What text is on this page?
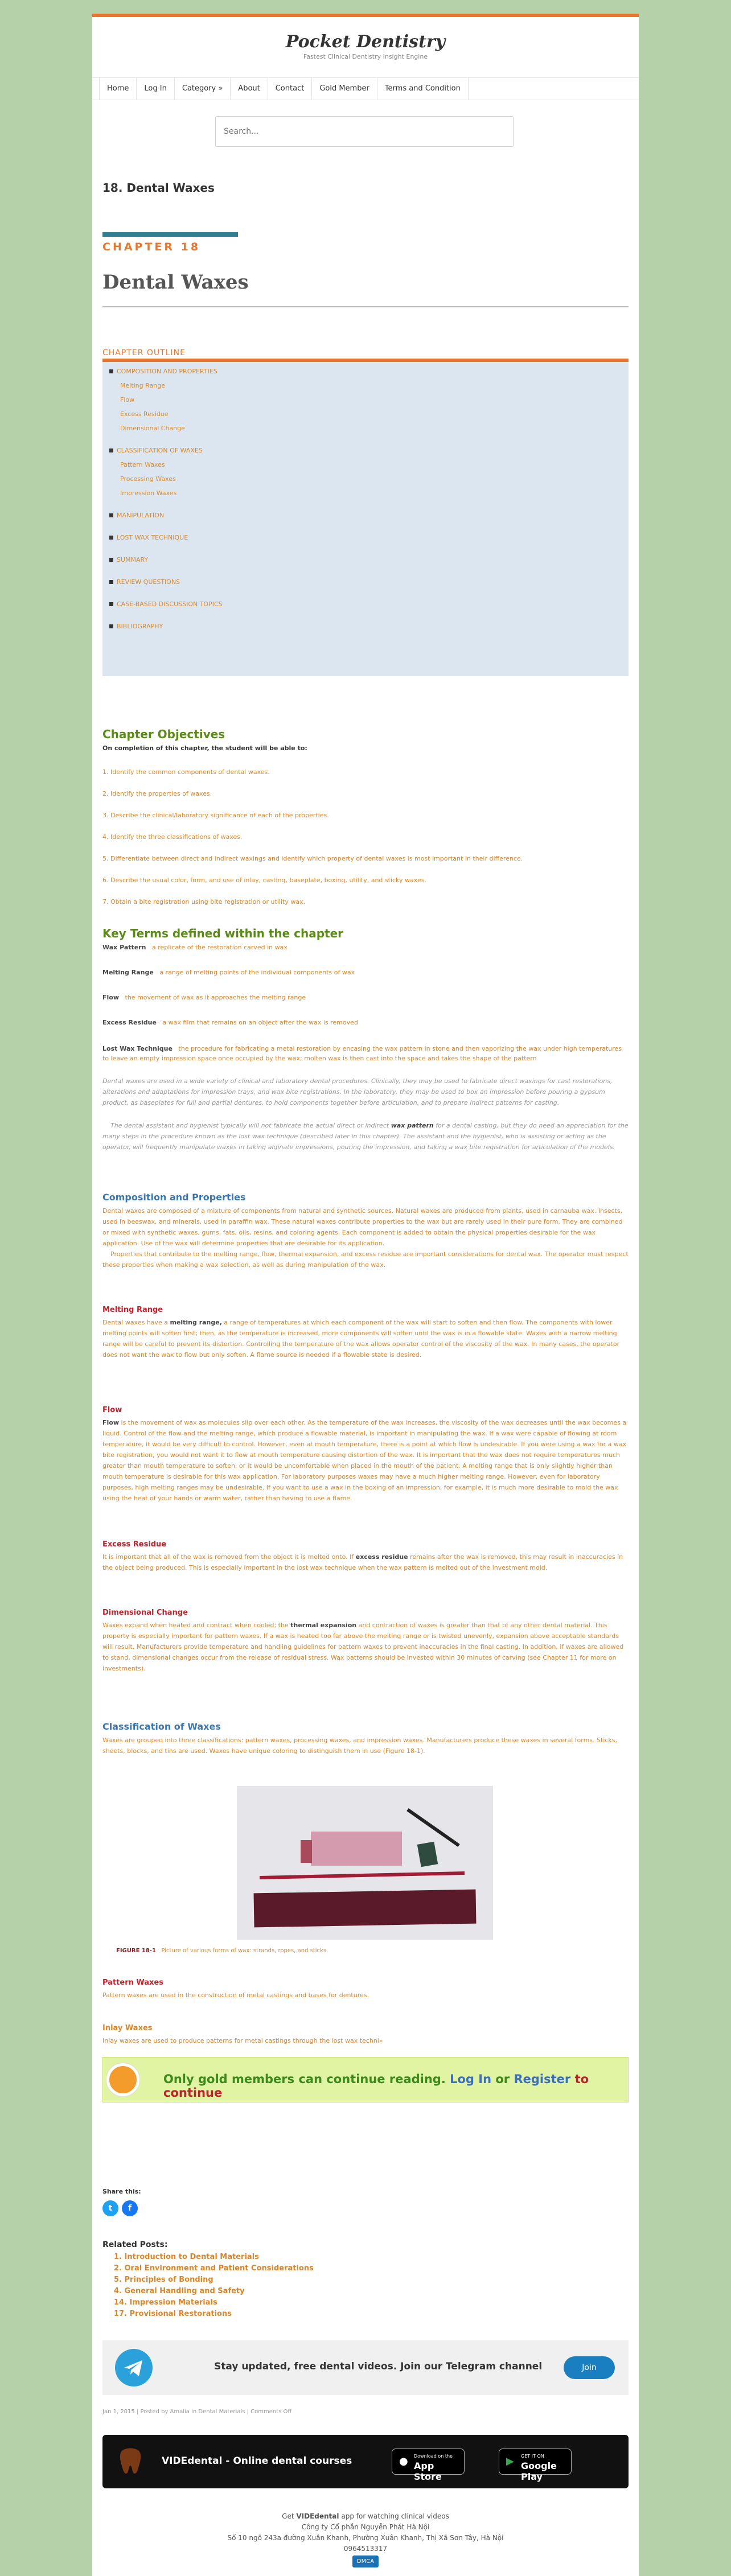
Pocket Dentistry
Fastest Clinical Dentistry Insight Engine
Home	Log In	Category »	About	Contact	Gold Member	Terms and Condition
Search...
18. Dental Waxes
CHAPTER 18
Dental Waxes
CHAPTER OUTLINE
COMPOSITION AND PROPERTIES
Melting Range
Flow
Excess Residue
Dimensional Change
CLASSIFICATION OF WAXES
Pattern Waxes
Processing Waxes
Impression Waxes
MANIPULATION
LOST WAX TECHNIQUE
SUMMARY
REVIEW QUESTIONS
CASE-BASED DISCUSSION TOPICS
BIBLIOGRAPHY
Chapter Objectives
On completion of this chapter, the student will be able to:
1. Identify the common components of dental waxes.
2. Identify the properties of waxes.
3. Describe the clinical/laboratory significance of each of the properties.
4. Identify the three classifications of waxes.
5. Differentiate between direct and indirect waxings and identify which property of dental waxes is most important in their difference.
6. Describe the usual color, form, and use of inlay, casting, baseplate, boxing, utility, and sticky waxes.
7. Obtain a bite registration using bite registration or utility wax.
Key Terms defined within the chapter
Wax Pattern a replicate of the restoration carved in wax
Melting Range a range of melting points of the individual components of wax
Flow the movement of wax as it approaches the melting range
Excess Residue a wax film that remains on an object after the wax is removed
Lost Wax Technique the procedure for fabricating a metal restoration by encasing the wax pattern in stone and then vaporizing the wax under high temperatures to leave an empty impression space once occupied by the wax; molten wax is then cast into the space and takes the shape of the pattern
Dental waxes are used in a wide variety of clinical and laboratory dental procedures. Clinically, they may be used to fabricate direct waxings for cast restorations, alterations and adaptations for impression trays, and wax bite registrations. In the laboratory, they may be used to box an impression before pouring a gypsum product, as baseplates for full and partial dentures, to hold components together before articulation, and to prepare indirect patterns for casting.
The dental assistant and hygienist typically will not fabricate the actual direct or indirect wax pattern for a dental casting, but they do need an appreciation for the many steps in the procedure known as the lost wax technique (described later in this chapter). The assistant and the hygienist, who is assisting or acting as the operator, will frequently manipulate waxes in taking alginate impressions, pouring the impression, and taking a wax bite registration for articulation of the models.
Composition and Properties
Dental waxes are composed of a mixture of components from natural and synthetic sources. Natural waxes are produced from plants, used in carnauba wax. Insects, used in beeswax, and minerals, used in paraffin wax. These natural waxes contribute properties to the wax but are rarely used in their pure form. They are combined or mixed with synthetic waxes, gums, fats, oils, resins, and coloring agents. Each component is added to obtain the physical properties desirable for the wax application. Use of the wax will determine properties that are desirable for its application.
Properties that contribute to the melting range, flow, thermal expansion, and excess residue are important considerations for dental wax. The operator must respect these properties when making a wax selection, as well as during manipulation of the wax.
Melting Range
Dental waxes have a melting range, a range of temperatures at which each component of the wax will start to soften and then flow. The components with lower melting points will soften first; then, as the temperature is increased, more components will soften until the wax is in a flowable state. Waxes with a narrow melting range will be careful to prevent its distortion. Controlling the temperature of the wax allows operator control of the viscosity of the wax. In many cases, the operator does not want the wax to flow but only soften. A flame source is needed if a flowable state is desired.
Flow
Flow is the movement of wax as molecules slip over each other. As the temperature of the wax increases, the viscosity of the wax decreases until the wax becomes a liquid. Control of the flow and the melting range, which produce a flowable material, is important in manipulating the wax. If a wax were capable of flowing at room temperature, it would be very difficult to control. However, even at mouth temperature, there is a point at which flow is undesirable. If you were using a wax for a wax bite registration, you would not want it to flow at mouth temperature causing distortion of the wax. It is important that the wax does not require temperatures much greater than mouth temperature to soften, or it would be uncomfortable when placed in the mouth of the patient. A melting range that is only slightly higher than mouth temperature is desirable for this wax application. For laboratory purposes waxes may have a much higher melting range. However, even for laboratory purposes, high melting ranges may be undesirable. If you want to use a wax in the boxing of an impression, for example, it is much more desirable to mold the wax using the heat of your hands or warm water, rather than having to use a flame.
Excess Residue
It is important that all of the wax is removed from the object it is melted onto. If excess residue remains after the wax is removed, this may result in inaccuracies in the object being produced. This is especially important in the lost wax technique when the wax pattern is melted out of the investment mold.
Dimensional Change
Waxes expand when heated and contract when cooled; the thermal expansion and contraction of waxes is greater than that of any other dental material. This property is especially important for pattern waxes. If a wax is heated too far above the melting range or is twisted unevenly, expansion above acceptable standards will result. Manufacturers provide temperature and handling guidelines for pattern waxes to prevent inaccuracies in the final casting. In addition, if waxes are allowed to stand, dimensional changes occur from the release of residual stress. Wax patterns should be invested within 30 minutes of carving (see Chapter 11 for more on investments).
Classification of Waxes
Waxes are grouped into three classifications: pattern waxes, processing waxes, and impression waxes. Manufacturers produce these waxes in several forms. Sticks, sheets, blocks, and tins are used. Waxes have unique coloring to distinguish them in use (Figure 18-1).
FIGURE 18-1 Picture of various forms of wax: strands, ropes, and sticks.
Pattern Waxes
Pattern waxes are used in the construction of metal castings and bases for dentures.
Inlay Waxes
Inlay waxes are used to produce patterns for metal castings through the lost wax techni»
Only gold members can continue reading. Log In or Register to continue
Share this:
t	f
Related Posts:
1. Introduction to Dental Materials
2. Oral Environment and Patient Considerations
5. Principles of Bonding
4. General Handling and Safety
14. Impression Materials
17. Provisional Restorations
Stay updated, free dental videos. Join our Telegram channel	Join
Jan 1, 2015 | Posted by Amalia in Dental Materials | Comments Off
VIDEdental - Online dental courses	● Download on the
App Store
▶ GET IT ON
Google Play
Get VIDEdental app for watching clinical videos
Công ty Cổ phần Nguyễn Phát Hà Nội
Số 10 ngõ 243a đường Xuân Khanh, Phường Xuân Khanh, Thị Xã Sơn Tây, Hà Nội
0964513317
DMCA
